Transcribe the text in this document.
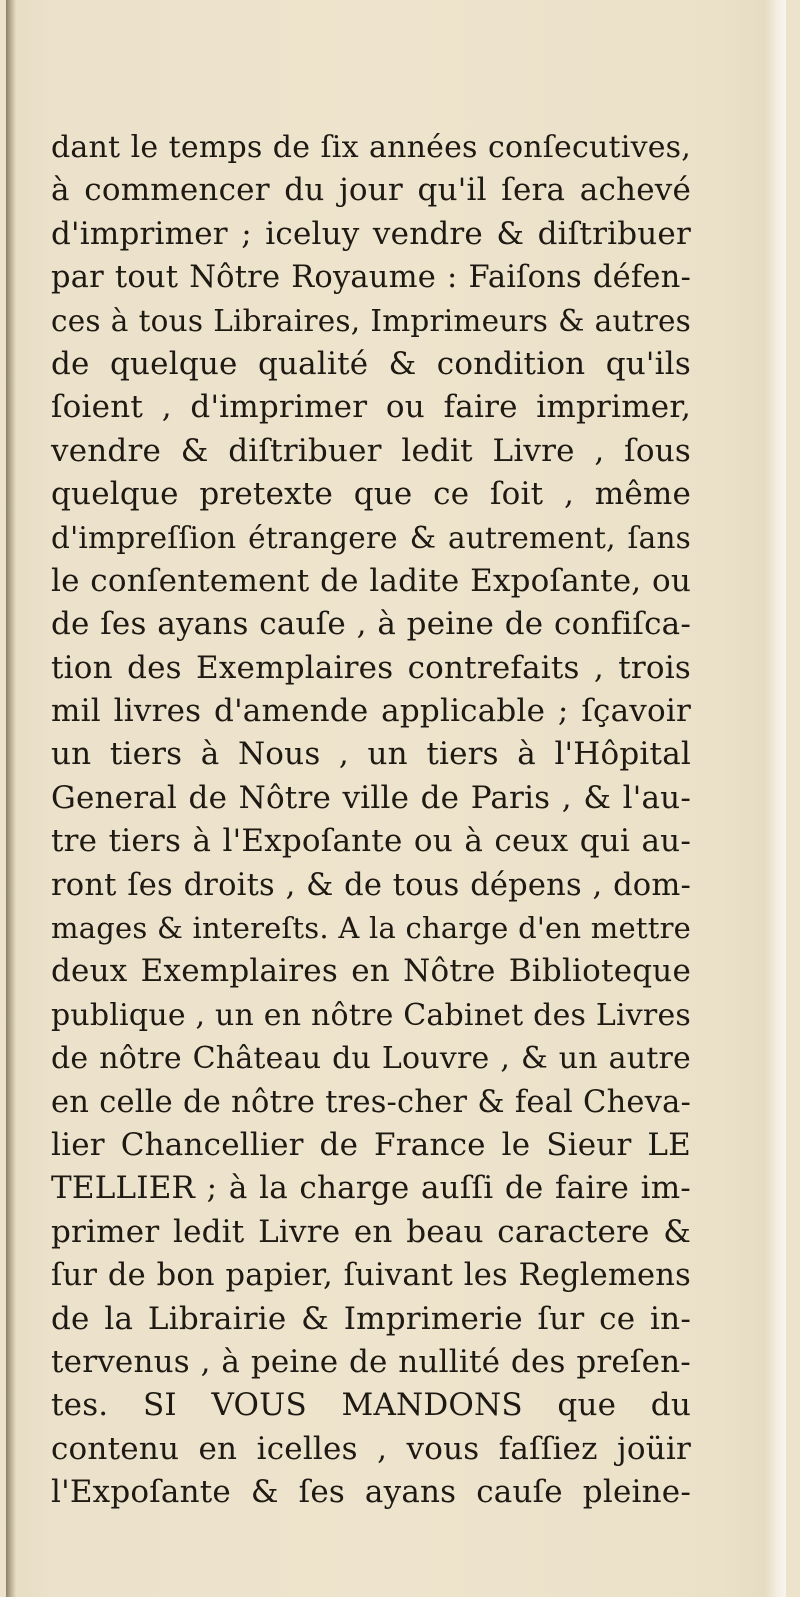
dant le temps de ſix années conſecutives,
à commencer du jour qu'il ſera achevé
d'imprimer ; iceluy vendre & diſtribuer
par tout Nôtre Royaume : Faiſons défen-
ces à tous Libraires, Imprimeurs & autres
de quelque qualité & condition qu'ils
ſoient , d'imprimer ou faire imprimer,
vendre & diſtribuer ledit Livre , ſous
quelque pretexte que ce ſoit , même
d'impreſſion étrangere & autrement, ſans
le conſentement de ladite Expoſante, ou
de ſes ayans cauſe , à peine de confiſca-
tion des Exemplaires contrefaits , trois
mil livres d'amende applicable ; ſçavoir
un tiers à Nous , un tiers à l'Hôpital
General de Nôtre ville de Paris , & l'au-
tre tiers à l'Expoſante ou à ceux qui au-
ront ſes droits , & de tous dépens , dom-
mages & intereſts. A la charge d'en mettre
deux Exemplaires en Nôtre Biblioteque
publique , un en nôtre Cabinet des Livres
de nôtre Château du Louvre , & un autre
en celle de nôtre tres-cher & feal Cheva-
lier Chancellier de France le Sieur LE
TELLIER ; à la charge auſſi de faire im-
primer ledit Livre en beau caractere &
ſur de bon papier, ſuivant les Reglemens
de la Librairie & Imprimerie ſur ce in-
tervenus , à peine de nullité des preſen-
tes. SI VOUS MANDONS que du
contenu en icelles , vous faſſiez joüir
l'Expoſante & ſes ayans cauſe pleine-
